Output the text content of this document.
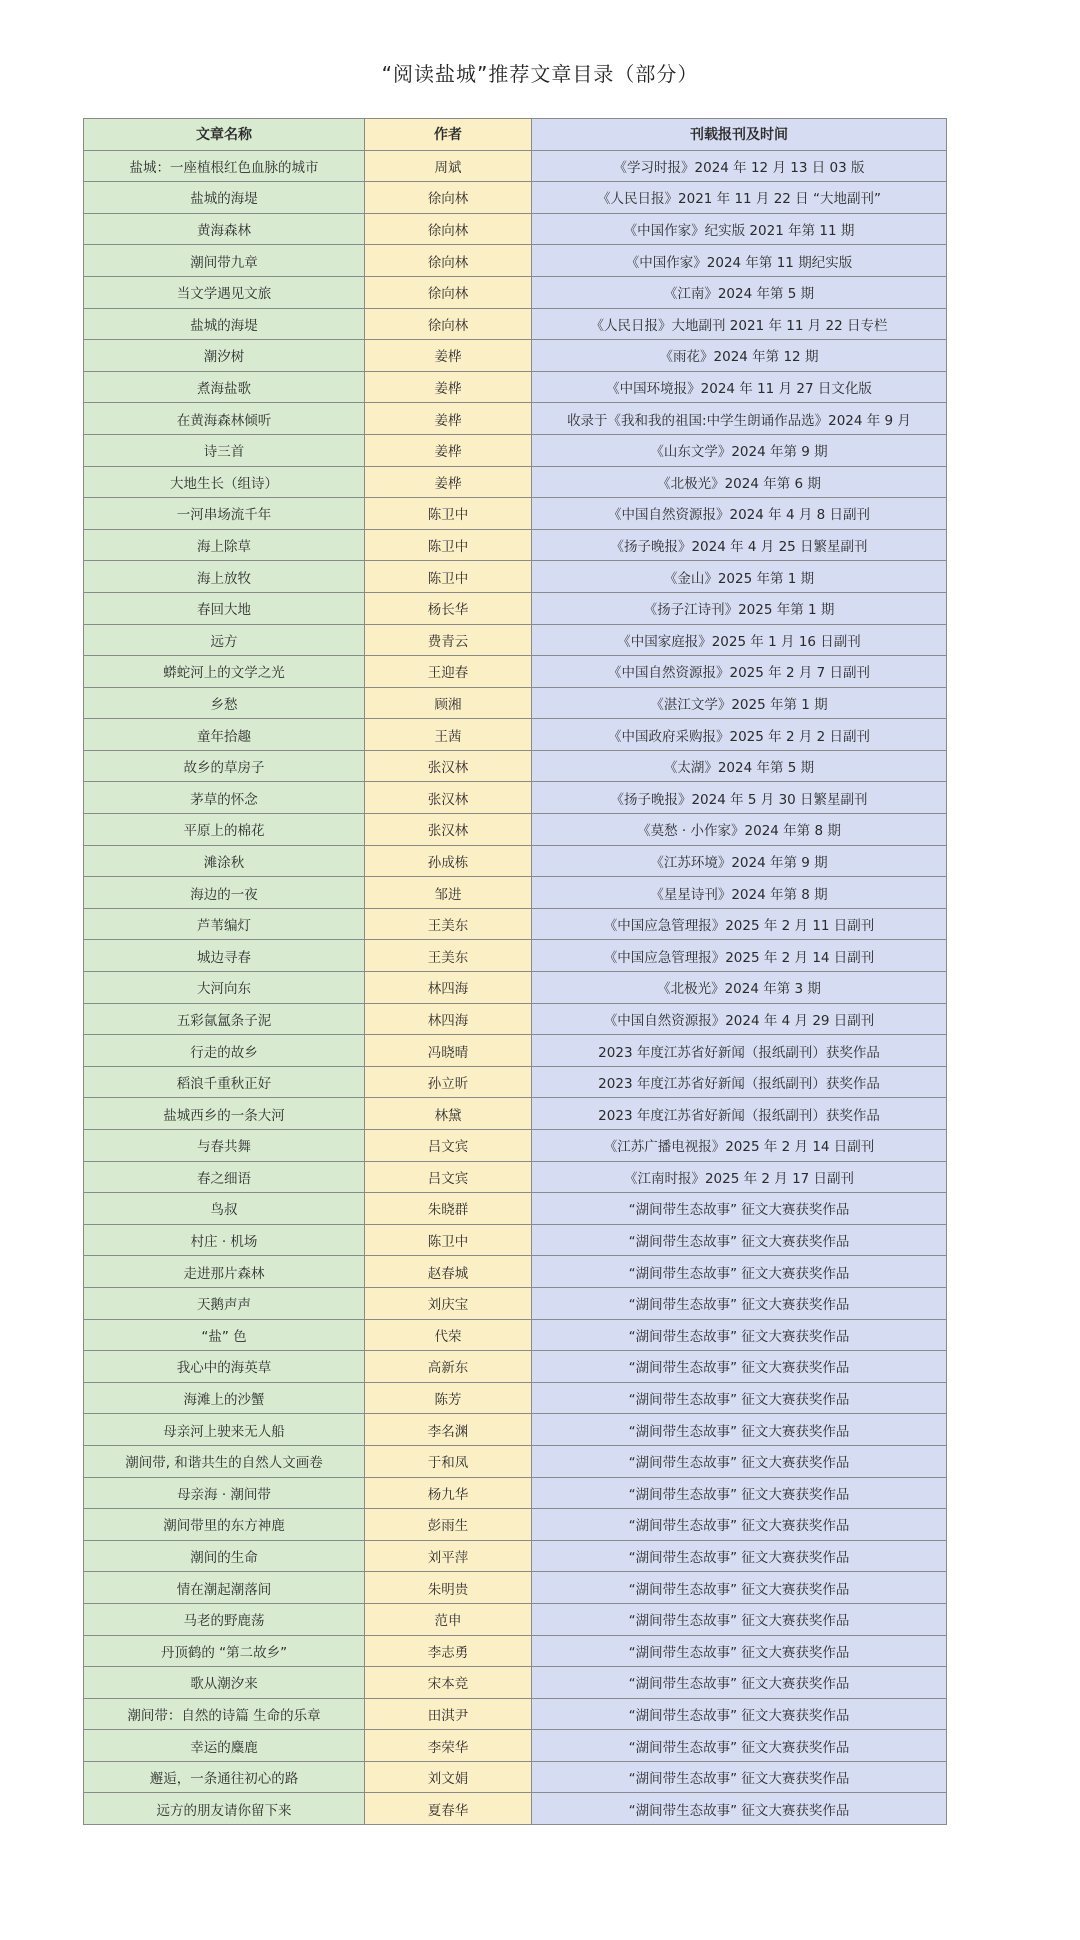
“阅读盐城”推荐文章目录（部分）
文章名称	作者	刊载报刊及时间
盐城：一座植根红色血脉的城市	周斌	《学习时报》2024 年 12 月 13 日 03 版
盐城的海堤	徐向林	《人民日报》2021 年 11 月 22 日 “大地副刊”
黄海森林	徐向林	《中国作家》纪实版 2021 年第 11 期
潮间带九章	徐向林	《中国作家》2024 年第 11 期纪实版
当文学遇见文旅	徐向林	《江南》2024 年第 5 期
盐城的海堤	徐向林	《人民日报》大地副刊 2021 年 11 月 22 日专栏
潮汐树	姜桦	《雨花》2024 年第 12 期
煮海盐歌	姜桦	《中国环境报》2024 年 11 月 27 日文化版
在黄海森林倾听	姜桦	收录于《我和我的祖国:中学生朗诵作品选》2024 年 9 月
诗三首	姜桦	《山东文学》2024 年第 9 期
大地生长（组诗）	姜桦	《北极光》2024 年第 6 期
一河串场流千年	陈卫中	《中国自然资源报》2024 年 4 月 8 日副刊
海上除草	陈卫中	《扬子晚报》2024 年 4 月 25 日繁星副刊
海上放牧	陈卫中	《金山》2025 年第 1 期
春回大地	杨长华	《扬子江诗刊》2025 年第 1 期
远方	费青云	《中国家庭报》2025 年 1 月 16 日副刊
蟒蛇河上的文学之光	王迎春	《中国自然资源报》2025 年 2 月 7 日副刊
乡愁	顾湘	《湛江文学》2025 年第 1 期
童年拾趣	王茜	《中国政府采购报》2025 年 2 月 2 日副刊
故乡的草房子	张汉林	《太湖》2024 年第 5 期
茅草的怀念	张汉林	《扬子晚报》2024 年 5 月 30 日繁星副刊
平原上的棉花	张汉林	《莫愁 · 小作家》2024 年第 8 期
滩涂秋	孙成栋	《江苏环境》2024 年第 9 期
海边的一夜	邹进	《星星诗刊》2024 年第 8 期
芦苇编灯	王美东	《中国应急管理报》2025 年 2 月 11 日副刊
城边寻春	王美东	《中国应急管理报》2025 年 2 月 14 日副刊
大河向东	林四海	《北极光》2024 年第 3 期
五彩氤氲条子泥	林四海	《中国自然资源报》2024 年 4 月 29 日副刊
行走的故乡	冯晓晴	2023 年度江苏省好新闻（报纸副刊）获奖作品
稻浪千重秋正好	孙立昕	2023 年度江苏省好新闻（报纸副刊）获奖作品
盐城西乡的一条大河	林黛	2023 年度江苏省好新闻（报纸副刊）获奖作品
与春共舞	吕文宾	《江苏广播电视报》2025 年 2 月 14 日副刊
春之细语	吕文宾	《江南时报》2025 年 2 月 17 日副刊
鸟叔	朱晓群	“湖间带生态故事” 征文大赛获奖作品
村庄 · 机场	陈卫中	“湖间带生态故事” 征文大赛获奖作品
走进那片森林	赵春城	“湖间带生态故事” 征文大赛获奖作品
天鹅声声	刘庆宝	“湖间带生态故事” 征文大赛获奖作品
“盐” 色	代荣	“湖间带生态故事” 征文大赛获奖作品
我心中的海英草	高新东	“湖间带生态故事” 征文大赛获奖作品
海滩上的沙蟹	陈芳	“湖间带生态故事” 征文大赛获奖作品
母亲河上驶来无人船	李名渊	“湖间带生态故事” 征文大赛获奖作品
潮间带, 和谐共生的自然人文画卷	于和凤	“湖间带生态故事” 征文大赛获奖作品
母亲海 · 潮间带	杨九华	“湖间带生态故事” 征文大赛获奖作品
潮间带里的东方神鹿	彭雨生	“湖间带生态故事” 征文大赛获奖作品
潮间的生命	刘平萍	“湖间带生态故事” 征文大赛获奖作品
情在潮起潮落间	朱明贵	“湖间带生态故事” 征文大赛获奖作品
马老的野鹿荡	范申	“湖间带生态故事” 征文大赛获奖作品
丹顶鹤的 “第二故乡”	李志勇	“湖间带生态故事” 征文大赛获奖作品
歌从潮汐来	宋本竞	“湖间带生态故事” 征文大赛获奖作品
潮间带：自然的诗篇 生命的乐章	田淇尹	“湖间带生态故事” 征文大赛获奖作品
幸运的麋鹿	李荣华	“湖间带生态故事” 征文大赛获奖作品
邂逅，一条通往初心的路	刘文娟	“湖间带生态故事” 征文大赛获奖作品
远方的朋友请你留下来	夏春华	“湖间带生态故事” 征文大赛获奖作品
